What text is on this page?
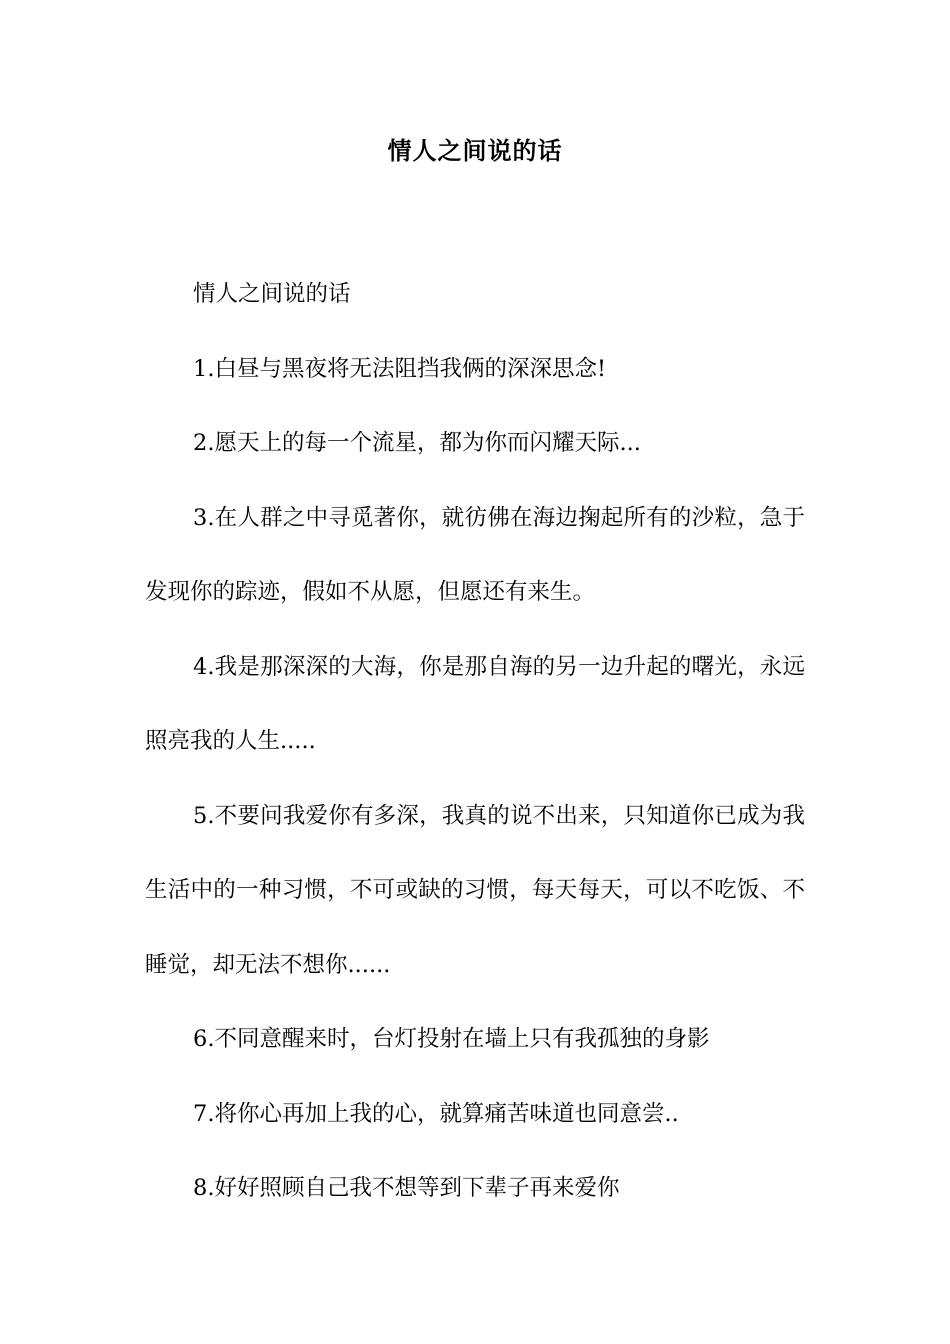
情人之间说的话

情人之间说的话

1.白昼与黑夜将无法阻挡我俩的深深思念!

2.愿天上的每一个流星，都为你而闪耀天际...

3.在人群之中寻觅著你，就彷佛在海边掬起所有的沙粒，急于发现你的踪迹，假如不从愿，但愿还有来生。

4.我是那深深的大海，你是那自海的另一边升起的曙光，永远照亮我的人生.....

5.不要问我爱你有多深，我真的说不出来，只知道你已成为我生活中的一种习惯，不可或缺的习惯，每天每天，可以不吃饭、不睡觉，却无法不想你......

6.不同意醒来时，台灯投射在墙上只有我孤独的身影

7.将你心再加上我的心，就算痛苦味道也同意尝..

8.好好照顾自己我不想等到下辈子再来爱你
